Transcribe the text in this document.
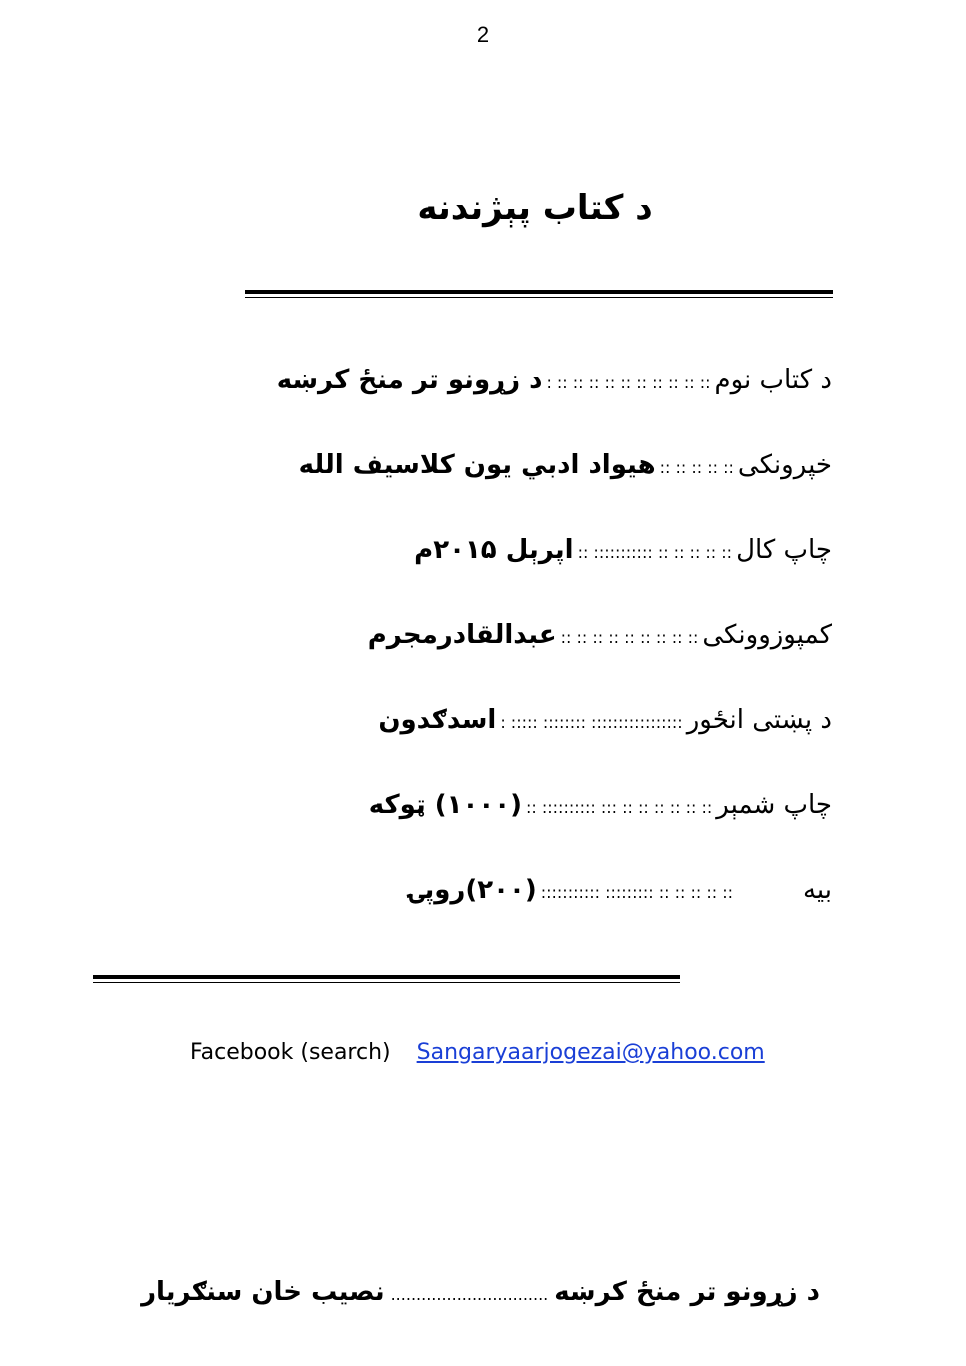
2
د کتاب پېژندنه
د کتاب نوم:: :: :: :: :: :: :: :: :: :: :د زړونو تر منځ کرښه
خپرونکی:: :: :: :: ::هیواد ادبي یون کلاسیف الله
چاپ کال:: :: :: :: :: ::::::::::: ::اپرېل ۲۰۱۵م
کمپوزوونکی:: :: :: :: :: :: :: :: ::عبدالقادرمجرم
د پښتی انځور::::::::::::::::: :::::::: ::::: :اسدګدون
چاپ شمېر:: :: :: :: :: :: ::: :::::::::: ::(۱۰۰۰) ټوکه
بیه:: :: :: :: :: ::::::::: :::::::::::(۲۰۰)روپۍ
Facebook (search) Sangaryaarjogezai@yahoo.com
د زړونو تر منځ کرښه...............................نصیب خان سنګریار
